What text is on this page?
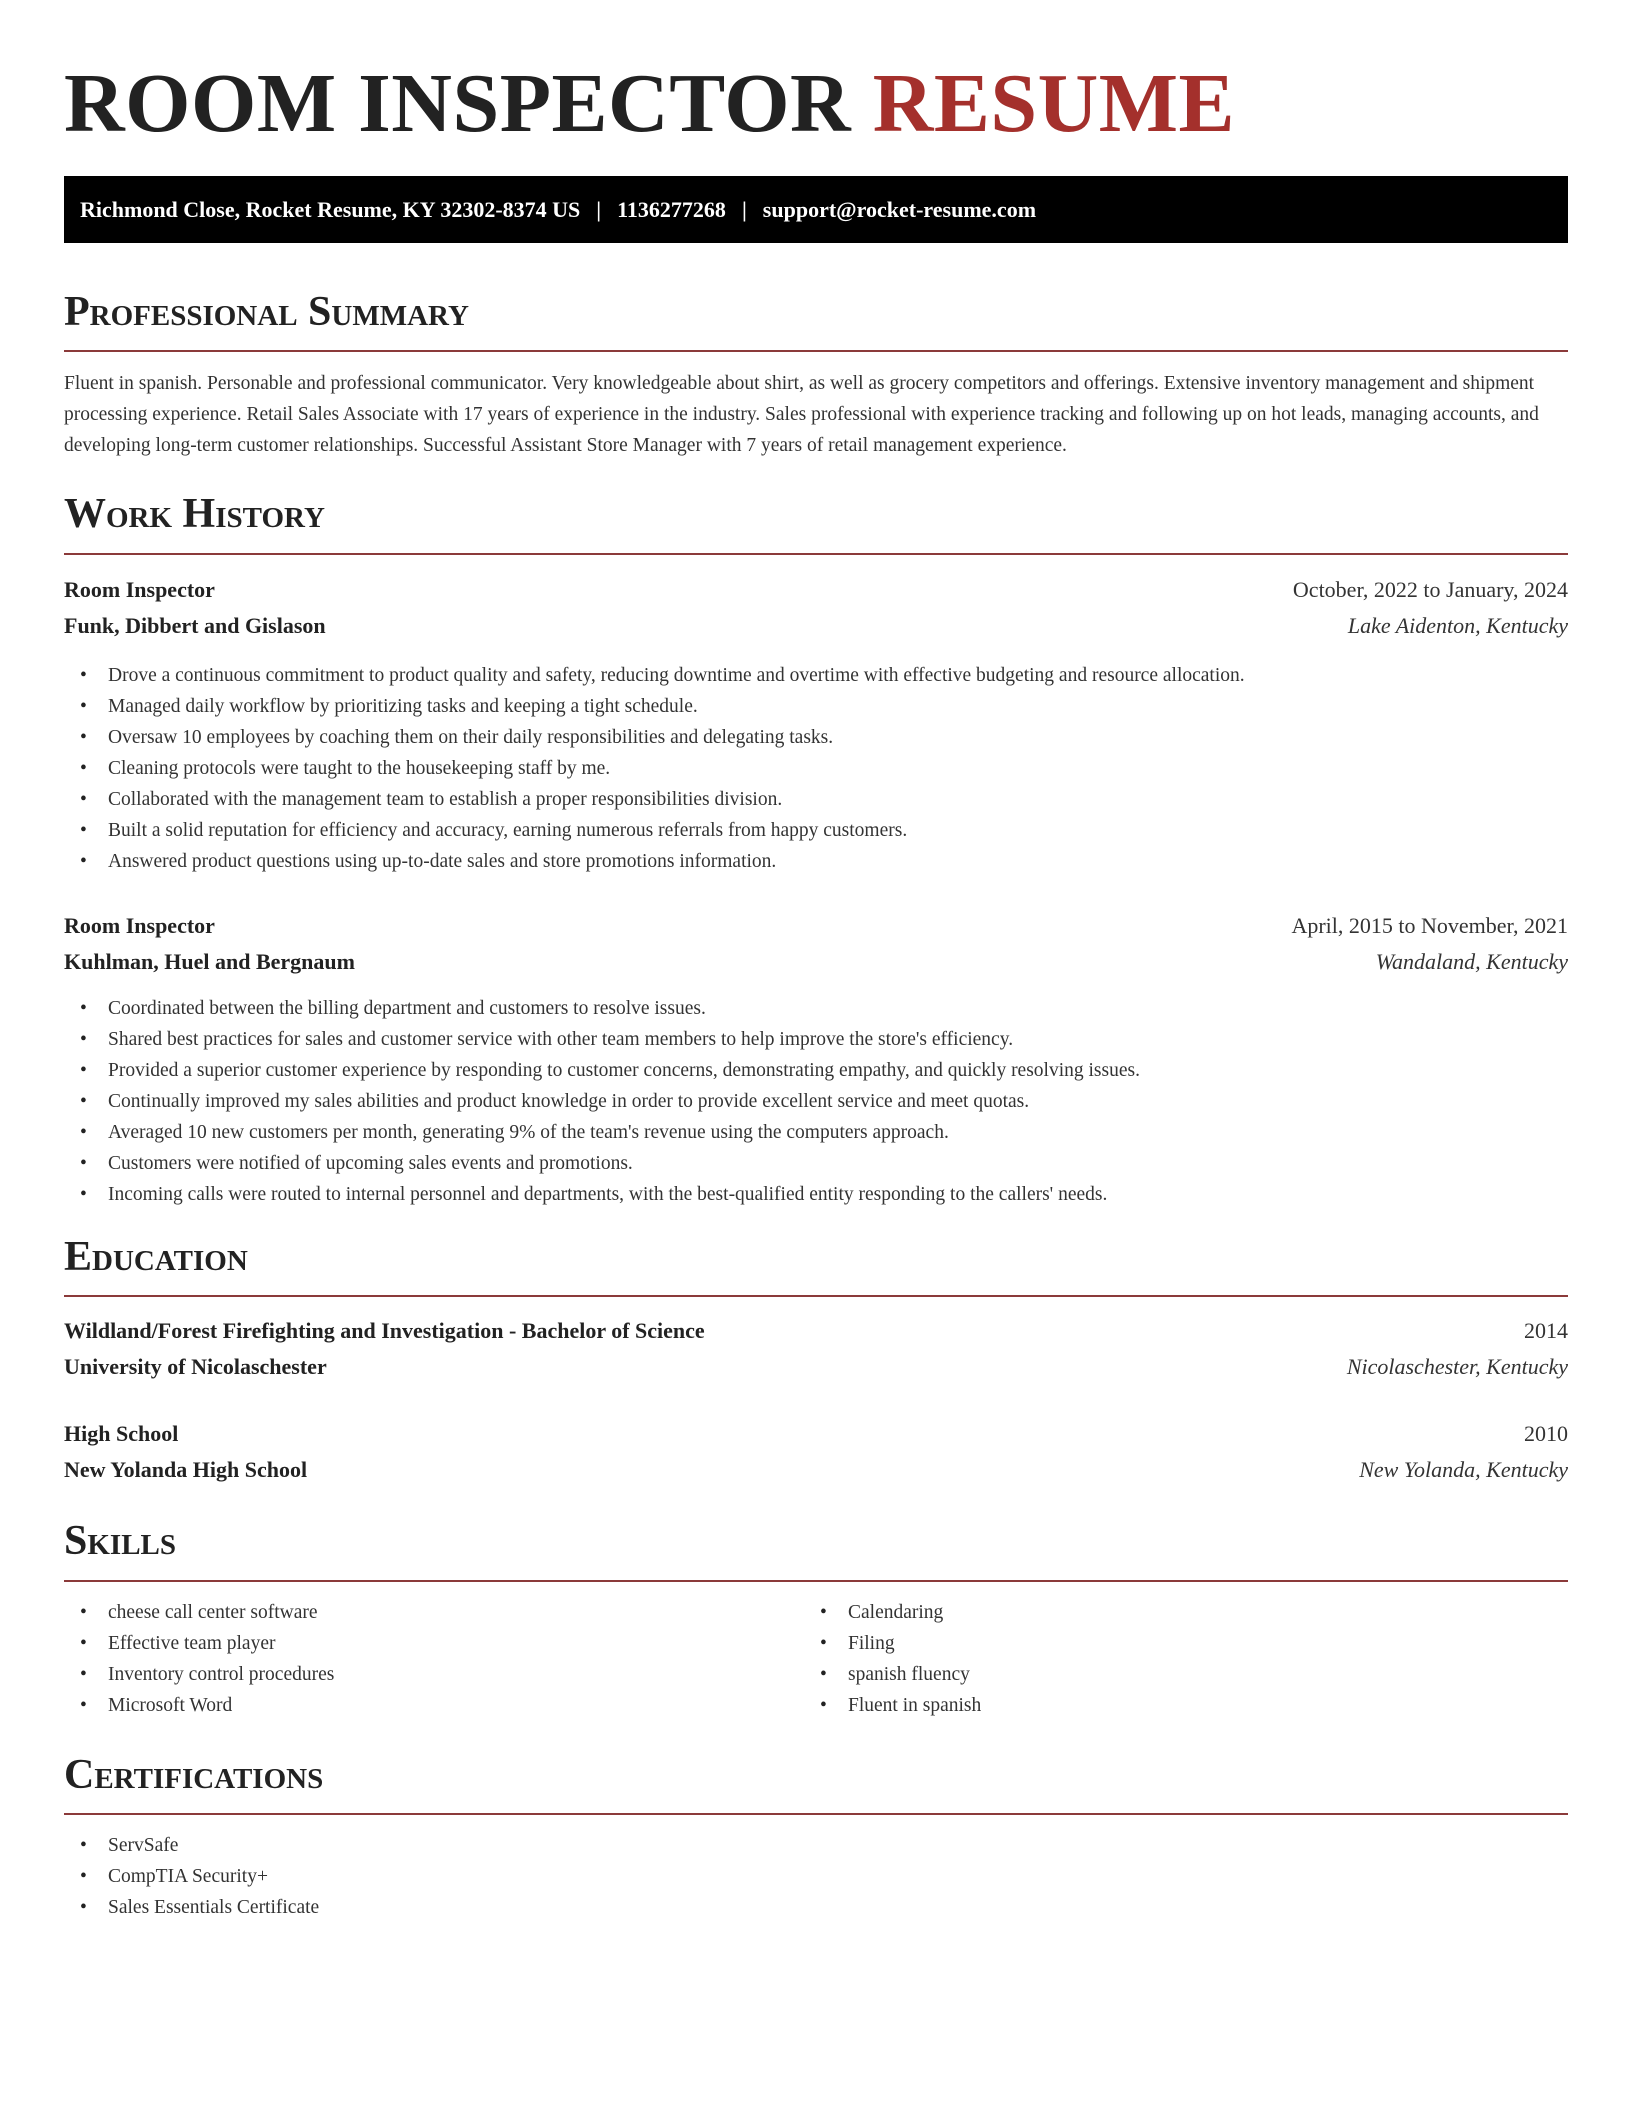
ROOM INSPECTOR RESUME
Richmond Close, Rocket Resume, KY 32302-8374 US | 1136277268 | support@rocket-resume.com
Professional Summary

Fluent in spanish. Personable and professional communicator. Very knowledgeable about shirt, as well as grocery competitors and offerings. Extensive inventory management and shipment processing experience. Retail Sales Associate with 17 years of experience in the industry. Sales professional with experience tracking and following up on hot leads, managing accounts, and developing long-term customer relationships. Successful Assistant Store Manager with 7 years of retail management experience.

Work History
Room Inspector	October, 2022 to January, 2024
Funk, Dibbert and Gislason	Lake Aidenton, Kentucky
• Drove a continuous commitment to product quality and safety, reducing downtime and overtime with effective budgeting and resource allocation.
• Managed daily workflow by prioritizing tasks and keeping a tight schedule.
• Oversaw 10 employees by coaching them on their daily responsibilities and delegating tasks.
• Cleaning protocols were taught to the housekeeping staff by me.
• Collaborated with the management team to establish a proper responsibilities division.
• Built a solid reputation for efficiency and accuracy, earning numerous referrals from happy customers.
• Answered product questions using up-to-date sales and store promotions information.
Room Inspector	April, 2015 to November, 2021
Kuhlman, Huel and Bergnaum	Wandaland, Kentucky
• Coordinated between the billing department and customers to resolve issues.
• Shared best practices for sales and customer service with other team members to help improve the store's efficiency.
• Provided a superior customer experience by responding to customer concerns, demonstrating empathy, and quickly resolving issues.
• Continually improved my sales abilities and product knowledge in order to provide excellent service and meet quotas.
• Averaged 10 new customers per month, generating 9% of the team's revenue using the computers approach.
• Customers were notified of upcoming sales events and promotions.
• Incoming calls were routed to internal personnel and departments, with the best-qualified entity responding to the callers' needs.
Education
Wildland/Forest Firefighting and Investigation - Bachelor of Science	2014
University of Nicolaschester	Nicolaschester, Kentucky
High School	2010
New Yolanda High School	New Yolanda, Kentucky
Skills
• cheese call center software
• Effective team player
• Inventory control procedures
• Microsoft Word
• Calendaring
• Filing
• spanish fluency
• Fluent in spanish
Certifications
• ServSafe
• CompTIA Security+
• Sales Essentials Certificate
